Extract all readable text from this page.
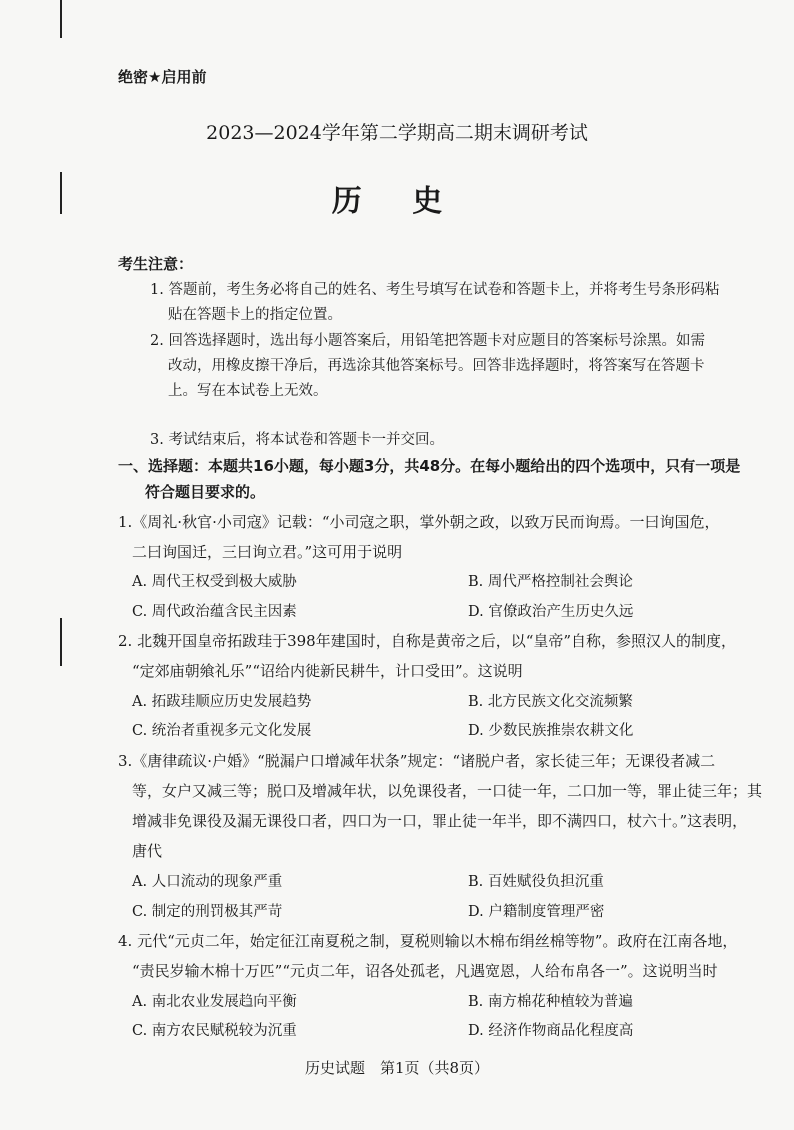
绝密★启用前
2023—2024学年第二学期高二期末调研考试
历 史
考生注意：
1. 答题前，考生务必将自己的姓名、考生号填写在试卷和答题卡上，并将考生号条形码粘
贴在答题卡上的指定位置。
2. 回答选择题时，选出每小题答案后，用铅笔把答题卡对应题目的答案标号涂黑。如需
改动，用橡皮擦干净后，再选涂其他答案标号。回答非选择题时，将答案写在答题卡
上。写在本试卷上无效。
3. 考试结束后，将本试卷和答题卡一并交回。
一、选择题：本题共16小题，每小题3分，共48分。在每小题给出的四个选项中，只有一项是
符合题目要求的。
1.《周礼·秋官·小司寇》记载：“小司寇之职，掌外朝之政，以致万民而询焉。一曰询国危，
二曰询国迁，三曰询立君。”这可用于说明
A. 周代王权受到极大威胁	B. 周代严格控制社会舆论
C. 周代政治蕴含民主因素	D. 官僚政治产生历史久远
2. 北魏开国皇帝拓跋珪于398年建国时，自称是黄帝之后，以“皇帝”自称，参照汉人的制度，
“定郊庙朝飨礼乐”“诏给内徙新民耕牛，计口受田”。这说明
A. 拓跋珪顺应历史发展趋势	B. 北方民族文化交流频繁
C. 统治者重视多元文化发展	D. 少数民族推崇农耕文化
3.《唐律疏议·户婚》“脱漏户口增减年状条”规定：“诸脱户者，家长徒三年；无课役者减二
等，女户又减三等；脱口及增减年状，以免课役者，一口徒一年，二口加一等，罪止徒三年；其
增减非免课役及漏无课役口者，四口为一口，罪止徒一年半，即不满四口，杖六十。”这表明，
唐代
A. 人口流动的现象严重	B. 百姓赋役负担沉重
C. 制定的刑罚极其严苛	D. 户籍制度管理严密
4. 元代“元贞二年，始定征江南夏税之制，夏税则输以木棉布绢丝棉等物”。政府在江南各地，
“责民岁输木棉十万匹”“元贞二年，诏各处孤老，凡遇宽恩，人给布帛各一”。这说明当时
A. 南北农业发展趋向平衡	B. 南方棉花种植较为普遍
C. 南方农民赋税较为沉重	D. 经济作物商品化程度高
历史试题　第1页（共8页）
